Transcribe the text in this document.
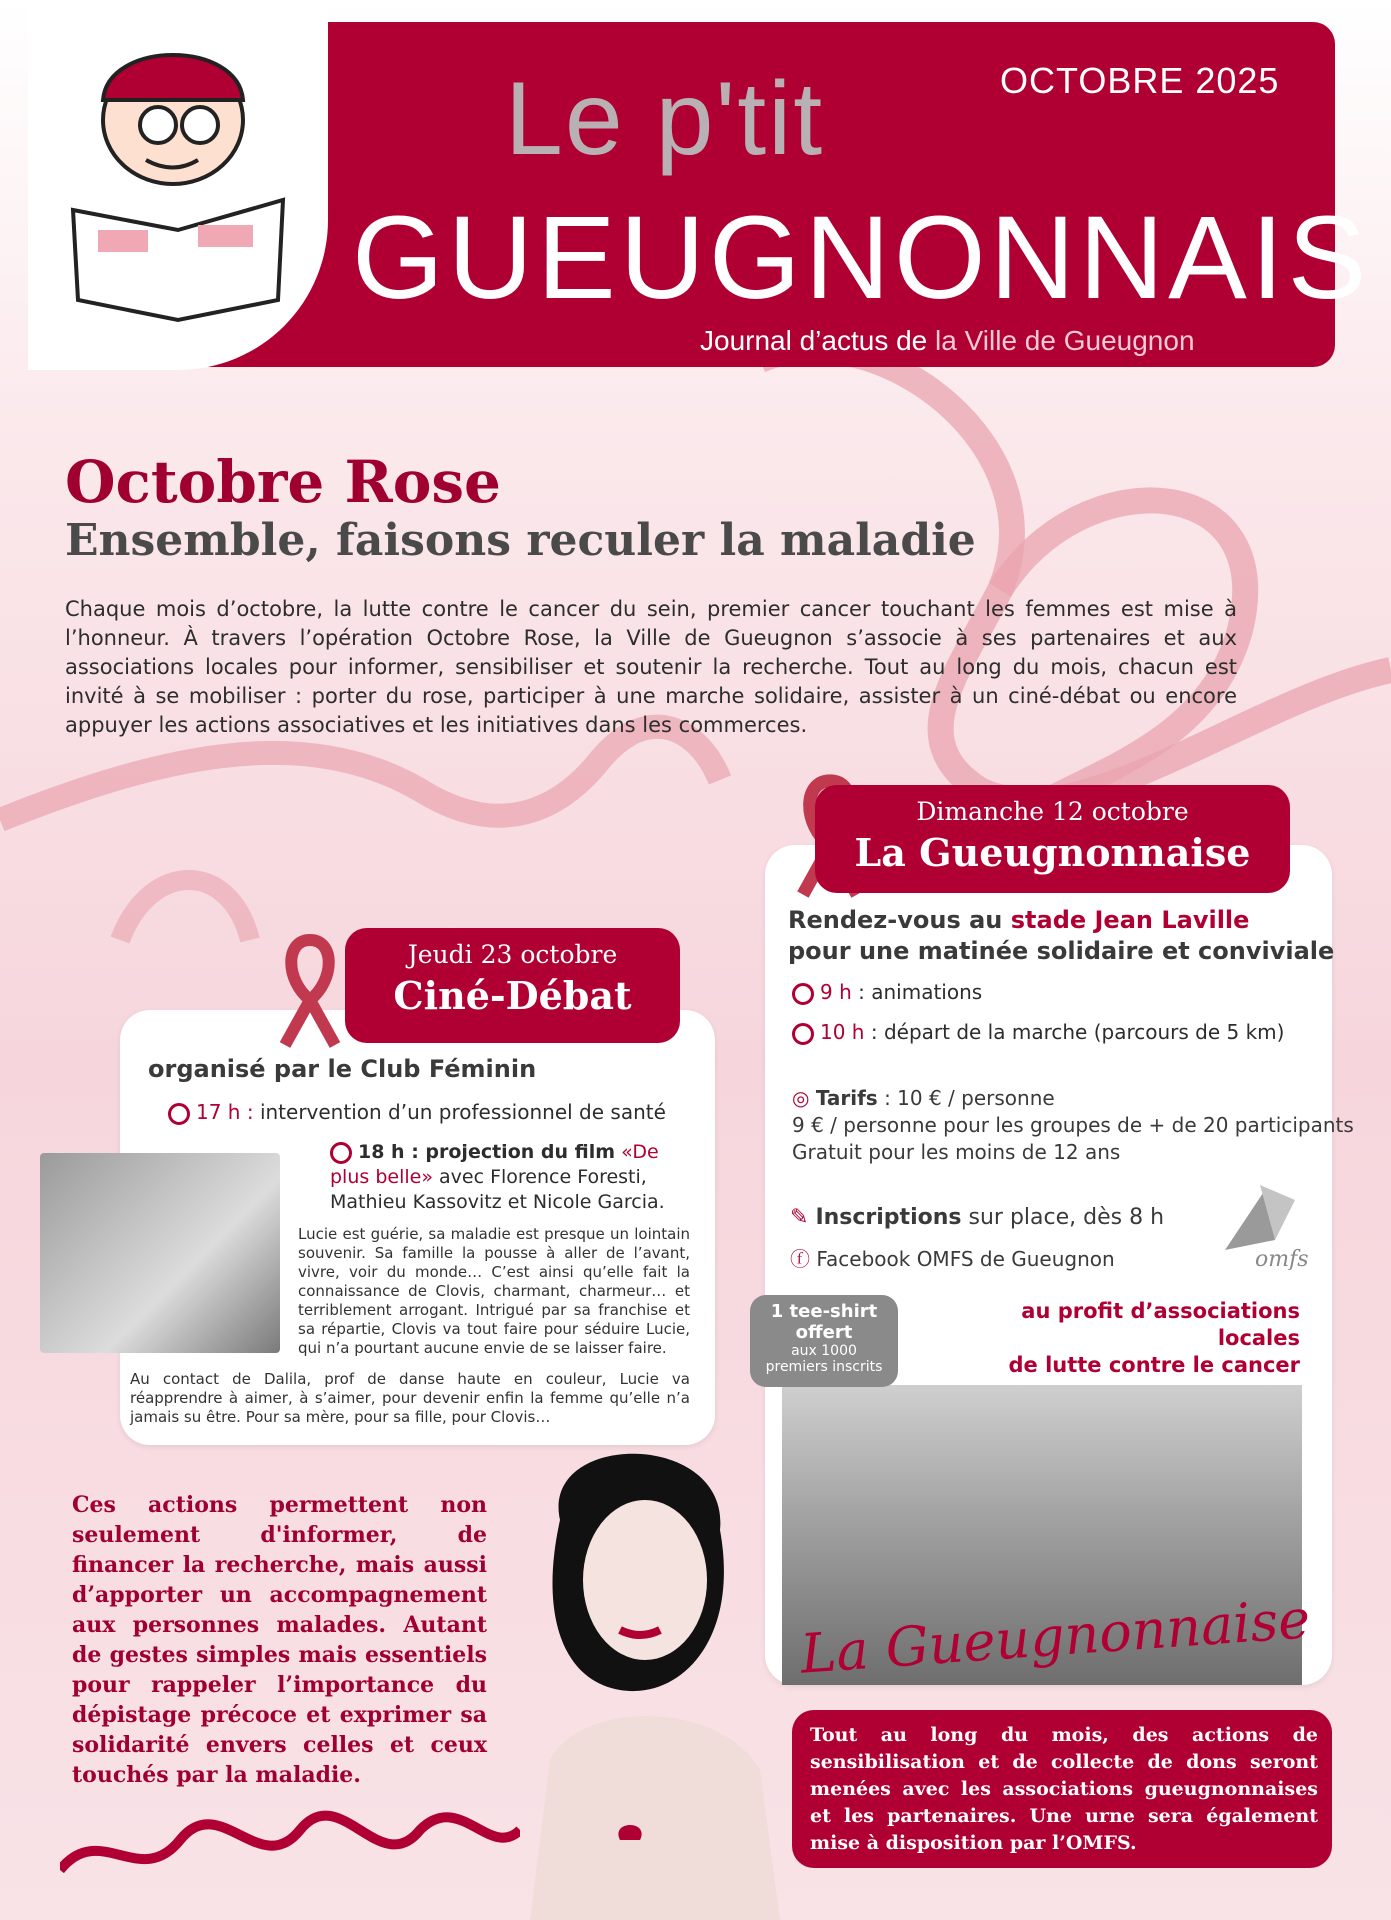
Le p'tit
GUEUGNONNAIS
OCTOBRE 2025
Journal d’actus de la Ville de Gueugnon
Octobre Rose
Ensemble, faisons reculer la maladie
Chaque mois d’octobre, la lutte contre le cancer du sein, premier cancer touchant les femmes est mise à l’honneur. À travers l’opération Octobre Rose, la Ville de Gueugnon s’associe à ses partenaires et aux associations locales pour informer, sensibiliser et soutenir la recherche. Tout au long du mois, chacun est invité à se mobiliser : porter du rose, participer à une marche solidaire, assister à un ciné-débat ou encore appuyer les actions associatives et les initiatives dans les commerces.
Jeudi 23 octobre
Ciné-Débat
organisé par le Club Féminin
17 h : intervention d’un professionnel de santé
18 h : projection du film «De plus belle» avec Florence Foresti, Mathieu Kassovitz et Nicole Garcia.
Lucie est guérie, sa maladie est presque un lointain souvenir. Sa famille la pousse à aller de l’avant, vivre, voir du monde… C’est ainsi qu’elle fait la connaissance de Clovis, charmant, charmeur… et terriblement arrogant. Intrigué par sa franchise et sa répartie, Clovis va tout faire pour séduire Lucie, qui n’a pourtant aucune envie de se laisser faire.
Au contact de Dalila, prof de danse haute en couleur, Lucie va réapprendre à aimer, à s’aimer, pour devenir enfin la femme qu’elle n’a jamais su être. Pour sa mère, pour sa fille, pour Clovis…
Dimanche 12 octobre
La Gueugnonnaise
Rendez-vous au stade Jean Laville
pour une matinée solidaire et conviviale
9 h : animations
10 h : départ de la marche (parcours de 5 km)
◎ Tarifs : 10 € / personne
9 € / personne pour les groupes de + de 20 participants
Gratuit pour les moins de 12 ans
✎ Inscriptions sur place, dès 8 h
ⓕ Facebook OMFS de Gueugnon	omfs
au profit d’associations locales
de lutte contre le cancer
1 tee-shirt
offert
aux 1000
premiers inscrits
La Gueugnonnaise
Ces actions permettent non seulement d'informer, de financer la recherche, mais aussi d’apporter un accompagnement aux personnes malades. Autant de gestes simples mais essentiels pour rappeler l’importance du dépistage précoce et exprimer sa solidarité envers celles et ceux touchés par la maladie.
Tout au long du mois, des actions de sensibilisation et de collecte de dons seront menées avec les associations gueugnonnaises et les partenaires. Une urne sera également mise à disposition par l’OMFS.
